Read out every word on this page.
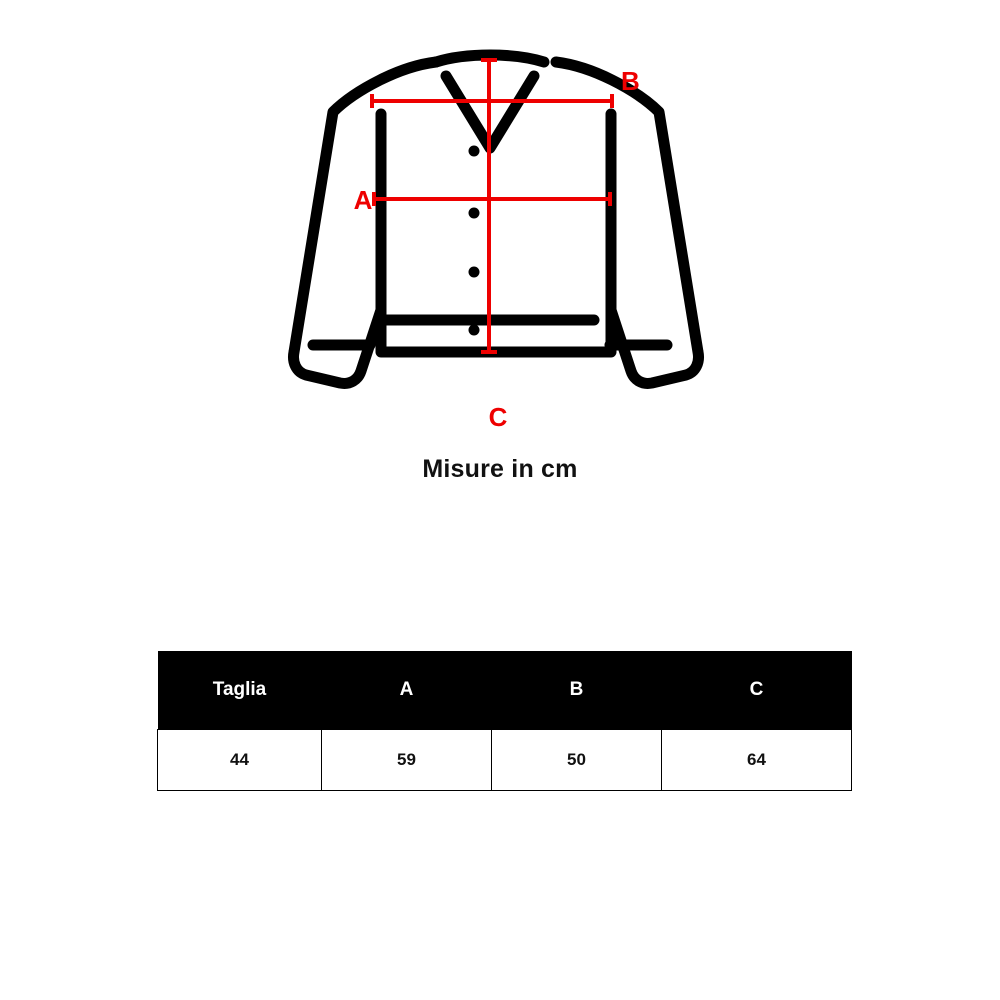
B
A
C
Misure in cm
Taglia	A	B	C
44	59	50	64
